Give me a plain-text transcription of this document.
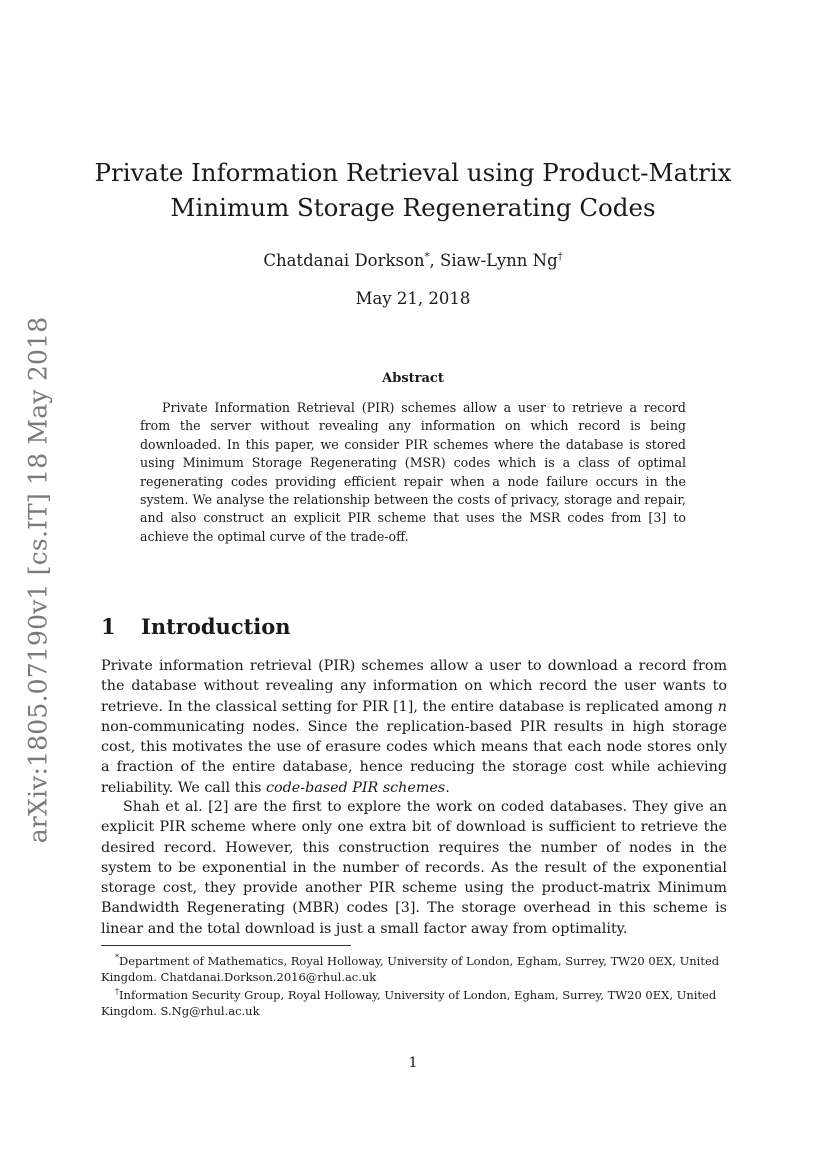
arXiv:1805.07190v1 [cs.IT] 18 May 2018
Private Information Retrieval using Product-Matrix
Minimum Storage Regenerating Codes
Chatdanai Dorkson*, Siaw-Lynn Ng†
May 21, 2018
Abstract

Private Information Retrieval (PIR) schemes allow a user to retrieve a record from the server without revealing any information on which record is being downloaded. In this paper, we consider PIR schemes where the database is stored using Minimum Storage Regenerating (MSR) codes which is a class of optimal regenerating codes providing efficient repair when a node failure occurs in the system. We analyse the relationship between the costs of privacy, storage and repair, and also construct an explicit PIR scheme that uses the MSR codes from [3] to achieve the optimal curve of the trade-off.

1 Introduction

Private information retrieval (PIR) schemes allow a user to download a record from the database without revealing any information on which record the user wants to retrieve. In the classical setting for PIR [1], the entire database is replicated among n non-communicating nodes. Since the replication-based PIR results in high storage cost, this motivates the use of erasure codes which means that each node stores only a fraction of the entire database, hence reducing the storage cost while achieving reliability. We call this code-based PIR schemes.

Shah et al. [2] are the first to explore the work on coded databases. They give an explicit PIR scheme where only one extra bit of download is sufficient to retrieve the desired record. However, this construction requires the number of nodes in the system to be exponential in the number of records. As the result of the exponential storage cost, they provide another PIR scheme using the product-matrix Minimum Bandwidth Regenerating (MBR) codes [3]. The storage overhead in this scheme is linear and the total download is just a small factor away from optimality.

*Department of Mathematics, Royal Holloway, University of London, Egham, Surrey, TW20 0EX, United Kingdom. Chatdanai.Dorkson.2016@rhul.ac.uk

†Information Security Group, Royal Holloway, University of London, Egham, Surrey, TW20 0EX, United Kingdom. S.Ng@rhul.ac.uk

1
